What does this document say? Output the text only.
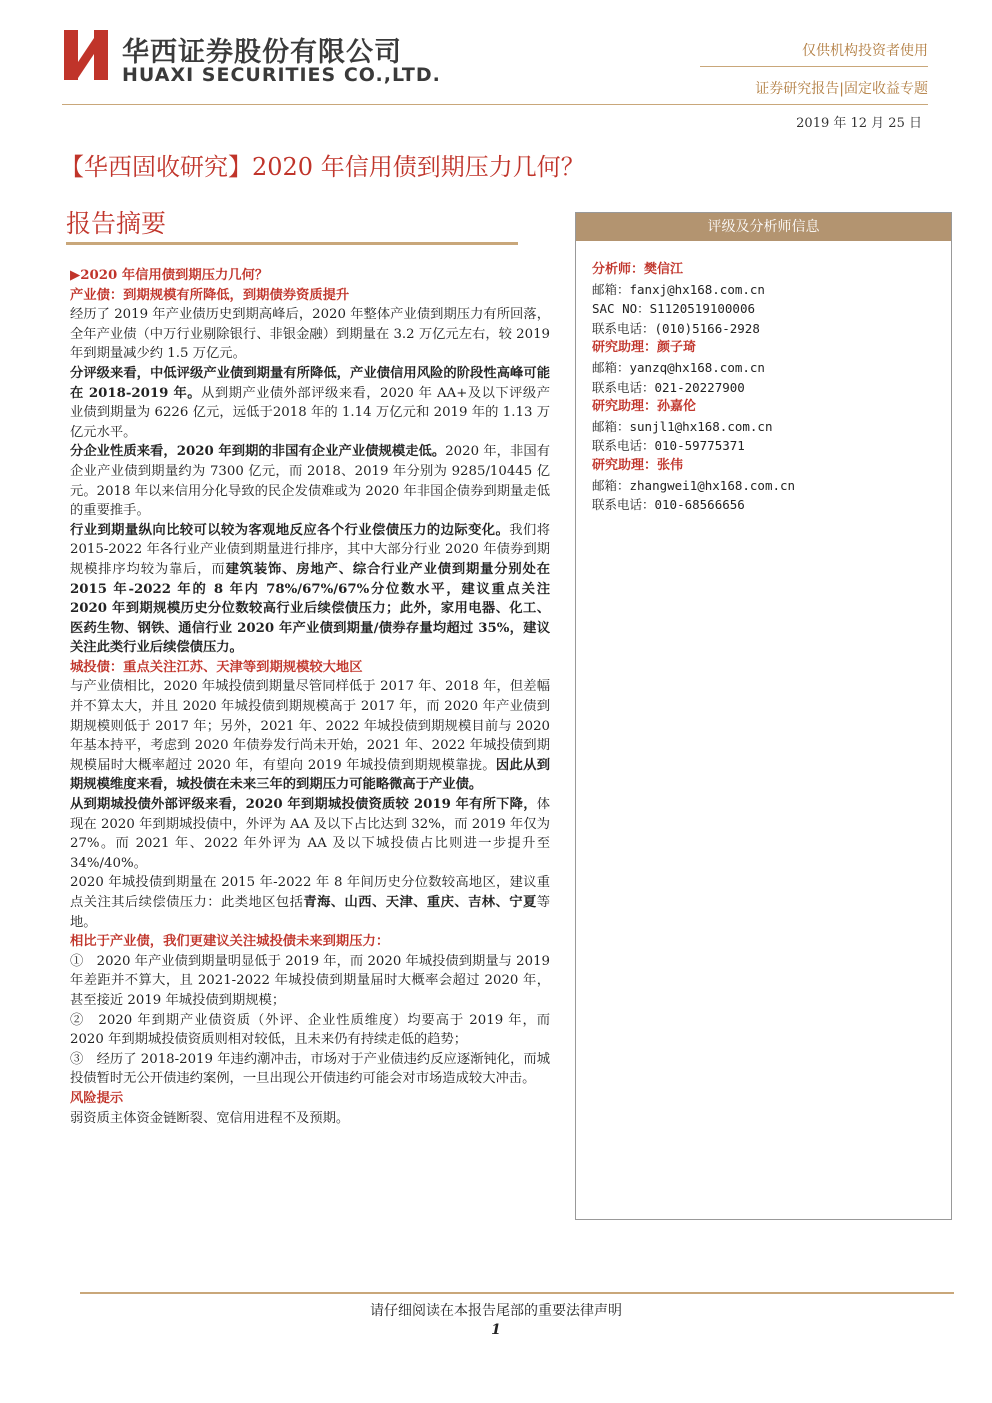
华西证券股份有限公司
HUAXI SECURITIES CO.,LTD.
仅供机构投资者使用
证券研究报告|固定收益专题
2019 年 12 月 25 日
【华西固收研究】2020 年信用债到期压力几何？
报告摘要

▶2020 年信用债到期压力几何？

产业债：到期规模有所降低，到期债券资质提升

经历了 2019 年产业债历史到期高峰后，2020 年整体产业债到期压力有所回落，全年产业债（中万行业剔除银行、非银金融）到期量在 3.2 万亿元左右，较 2019 年到期量减少约 1.5 万亿元。

分评级来看，中低评级产业债到期量有所降低，产业债信用风险的阶段性高峰可能在 2018-2019 年。从到期产业债外部评级来看，2020 年 AA+及以下评级产业债到期量为 6226 亿元，远低于2018 年的 1.14 万亿元和 2019 年的 1.13 万亿元水平。

分企业性质来看，2020 年到期的非国有企业产业债规模走低。2020 年，非国有企业产业债到期量约为 7300 亿元，而 2018、2019 年分别为 9285/10445 亿元。2018 年以来信用分化导致的民企发债难或为 2020 年非国企债券到期量走低的重要推手。

行业到期量纵向比较可以较为客观地反应各个行业偿债压力的边际变化。我们将 2015-2022 年各行业产业债到期量进行排序，其中大部分行业 2020 年债券到期规模排序均较为靠后，而建筑装饰、房地产、综合行业产业债到期量分别处在 2015 年-2022 年的 8 年内 78%/67%/67%分位数水平，建议重点关注 2020 年到期规模历史分位数较高行业后续偿债压力；此外，家用电器、化工、医药生物、钢铁、通信行业 2020 年产业债到期量/债券存量均超过 35%，建议关注此类行业后续偿债压力。

城投债：重点关注江苏、天津等到期规模较大地区

与产业债相比，2020 年城投债到期量尽管同样低于 2017 年、2018 年，但差幅并不算太大，并且 2020 年城投债到期规模高于 2017 年，而 2020 年产业债到期规模则低于 2017 年；另外，2021 年、2022 年城投债到期规模目前与 2020 年基本持平，考虑到 2020 年债券发行尚未开始，2021 年、2022 年城投债到期规模届时大概率超过 2020 年，有望向 2019 年城投债到期规模靠拢。因此从到期规模维度来看，城投债在未来三年的到期压力可能略微高于产业债。

从到期城投债外部评级来看，2020 年到期城投债资质较 2019 年有所下降，体现在 2020 年到期城投债中，外评为 AA 及以下占比达到 32%，而 2019 年仅为 27%。而 2021 年、2022 年外评为 AA 及以下城投债占比则进一步提升至 34%/40%。

2020 年城投债到期量在 2015 年-2022 年 8 年间历史分位数较高地区，建议重点关注其后续偿债压力：此类地区包括青海、山西、天津、重庆、吉林、宁夏等地。

相比于产业债，我们更建议关注城投债未来到期压力：

①　2020 年产业债到期量明显低于 2019 年，而 2020 年城投债到期量与 2019 年差距并不算大，且 2021-2022 年城投债到期量届时大概率会超过 2020 年，甚至接近 2019 年城投债到期规模；

②　2020 年到期产业债资质（外评、企业性质维度）均要高于 2019 年，而 2020 年到期城投债资质则相对较低，且未来仍有持续走低的趋势；

③　经历了 2018-2019 年违约潮冲击，市场对于产业债违约反应逐渐钝化，而城投债暂时无公开债违约案例，一旦出现公开债违约可能会对市场造成较大冲击。

风险提示

弱资质主体资金链断裂、宽信用进程不及预期。

评级及分析师信息
分析师：樊信江
邮箱：fanxj@hx168.com.cn
SAC NO：S1120519100006
联系电话：(010)5166-2928
研究助理：颜子琦
邮箱：yanzq@hx168.com.cn
联系电话：021-20227900
研究助理：孙嘉伦
邮箱：sunjl1@hx168.com.cn
联系电话：010-59775371
研究助理：张伟
邮箱：zhangwei1@hx168.com.cn
联系电话：010-68566656
请仔细阅读在本报告尾部的重要法律声明
1
